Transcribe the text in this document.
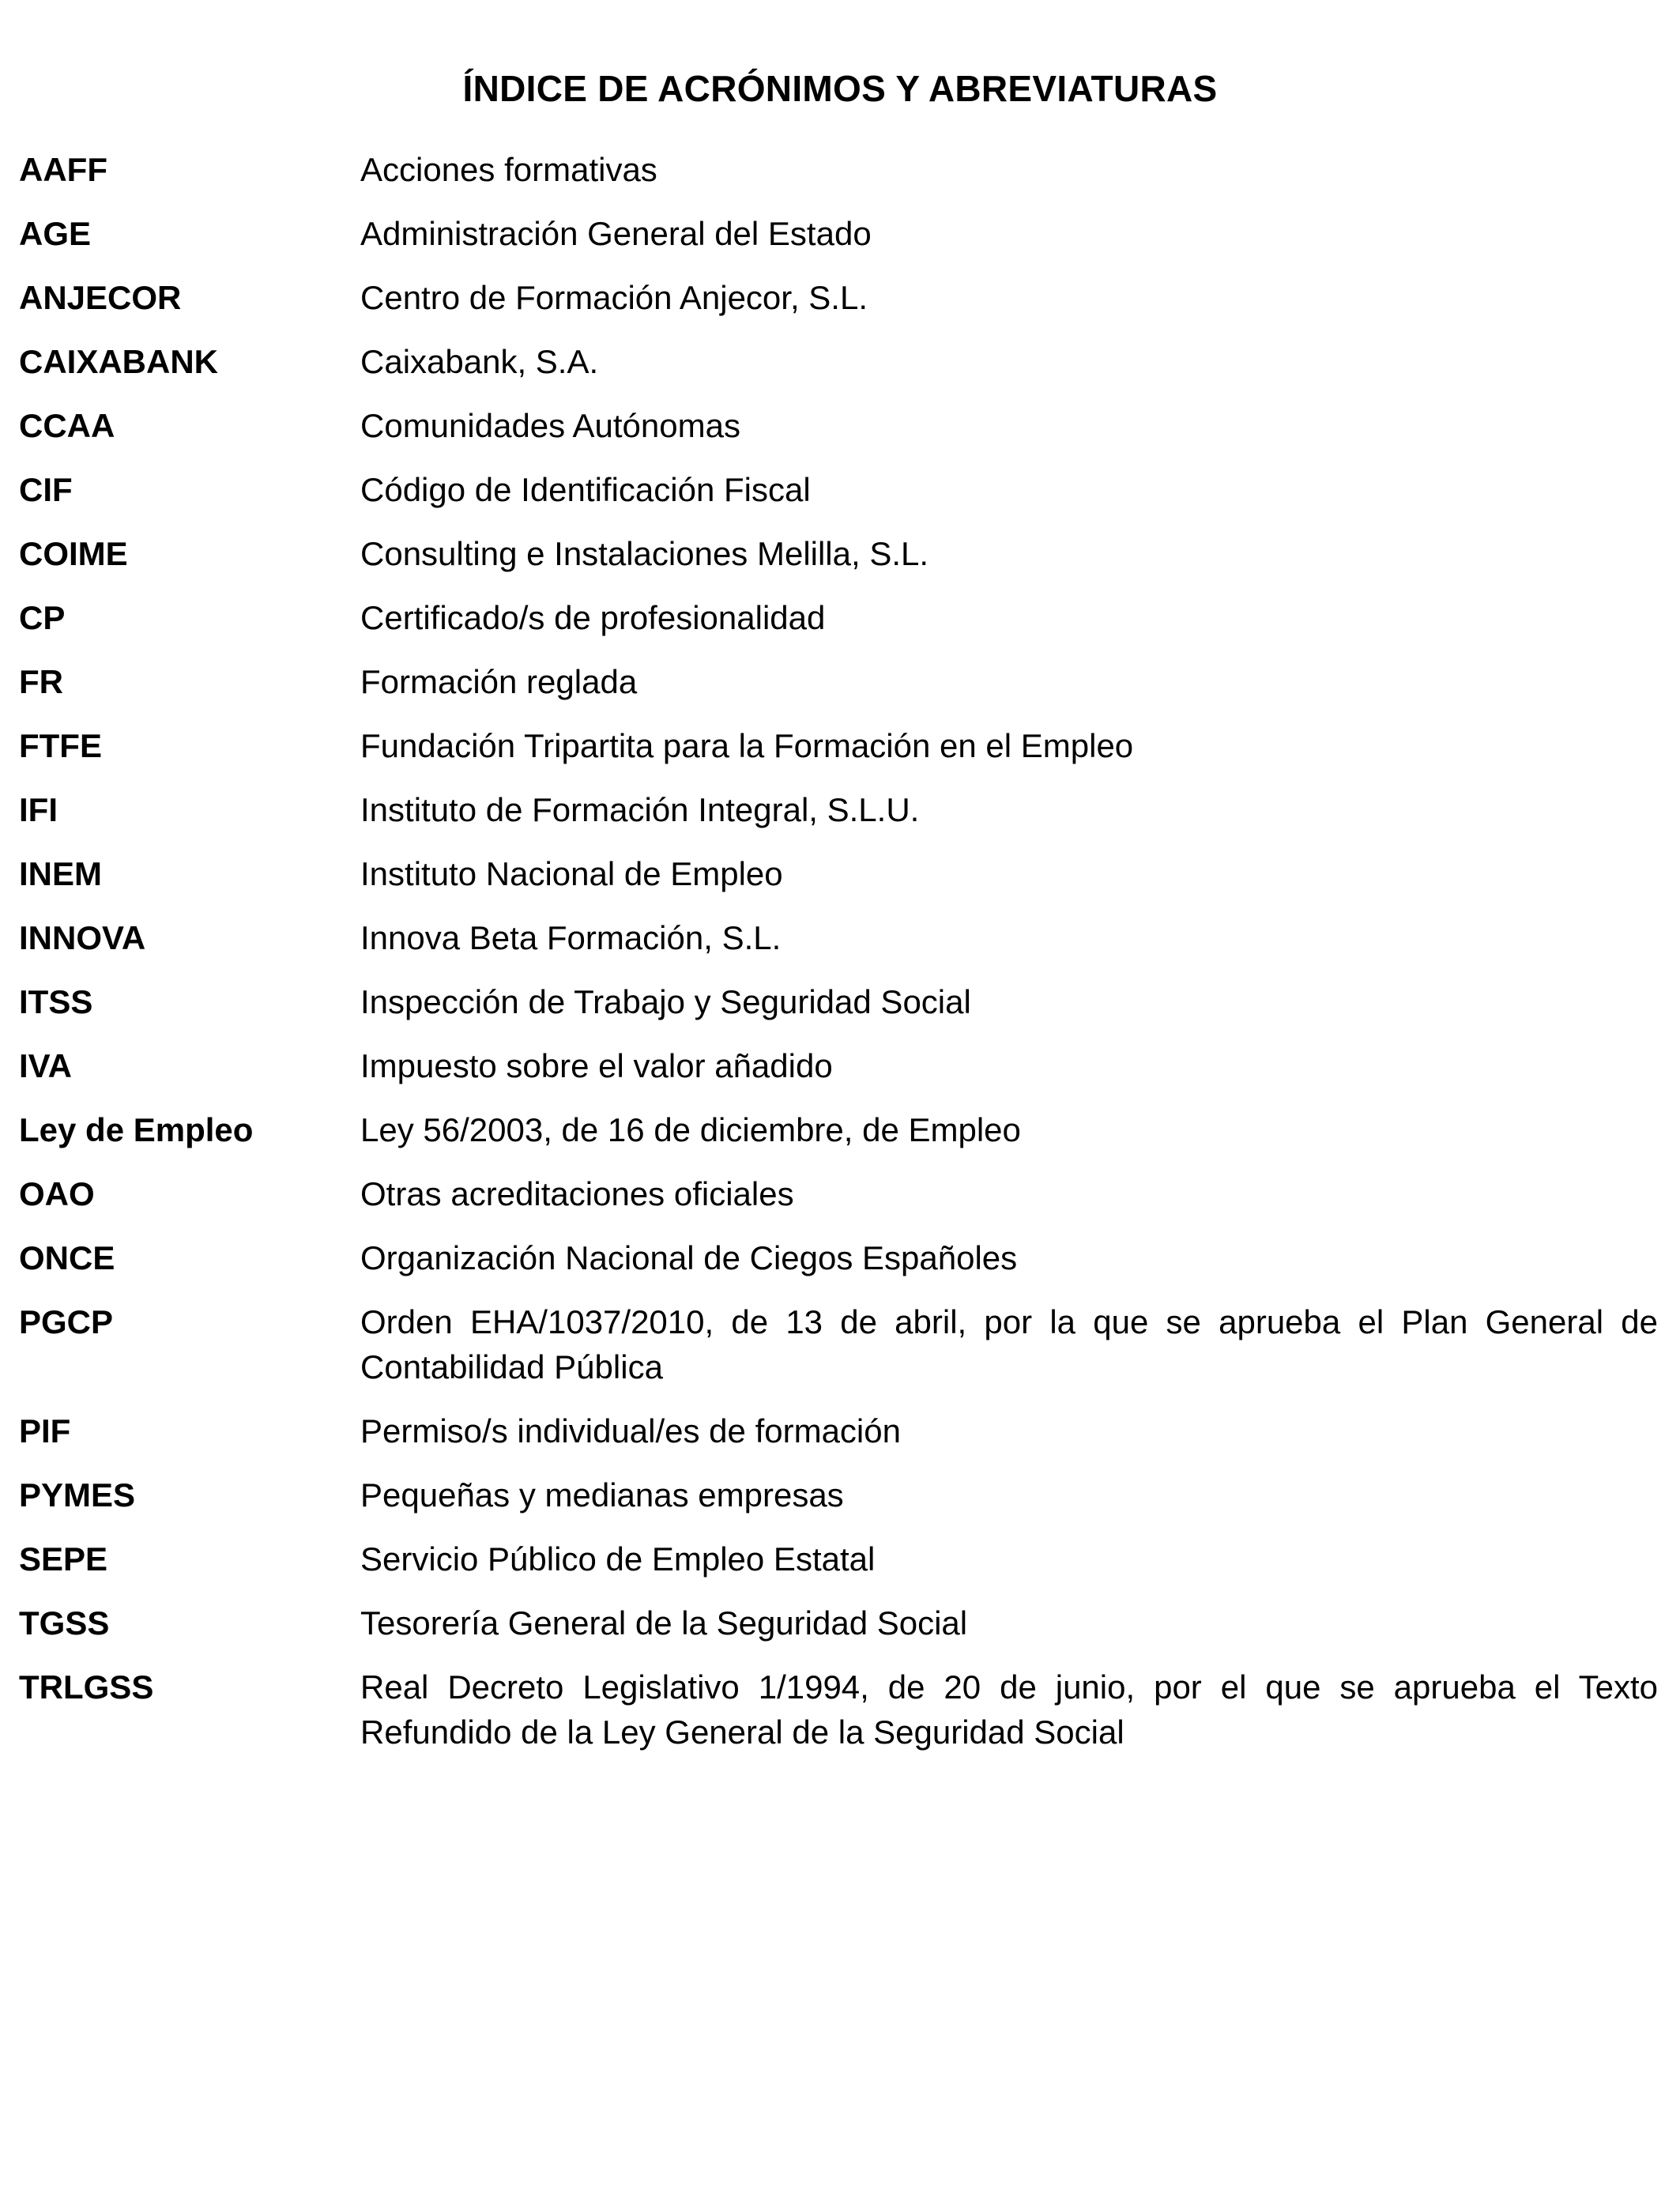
ÍNDICE DE ACRÓNIMOS Y ABREVIATURAS
AAFF	Acciones formativas
AGE	Administración General del Estado
ANJECOR	Centro de Formación Anjecor, S.L.
CAIXABANK	Caixabank, S.A.
CCAA	Comunidades Autónomas
CIF	Código de Identificación Fiscal
COIME	Consulting e Instalaciones Melilla, S.L.
CP	Certificado/s de profesionalidad
FR	Formación reglada
FTFE	Fundación Tripartita para la Formación en el Empleo
IFI	Instituto de Formación Integral, S.L.U.
INEM	Instituto Nacional de Empleo
INNOVA	Innova Beta Formación, S.L.
ITSS	Inspección de Trabajo y Seguridad Social
IVA	Impuesto sobre el valor añadido
Ley de Empleo	Ley 56/2003, de 16 de diciembre, de Empleo
OAO	Otras acreditaciones oficiales
ONCE	Organización Nacional de Ciegos Españoles
PGCP	Orden EHA/1037/2010, de 13 de abril, por la que se aprueba el Plan General de Contabilidad Pública
PIF	Permiso/s individual/es de formación
PYMES	Pequeñas y medianas empresas
SEPE	Servicio Público de Empleo Estatal
TGSS	Tesorería General de la Seguridad Social
TRLGSS	Real Decreto Legislativo 1/1994, de 20 de junio, por el que se aprueba el Texto Refundido de la Ley General de la Seguridad Social
